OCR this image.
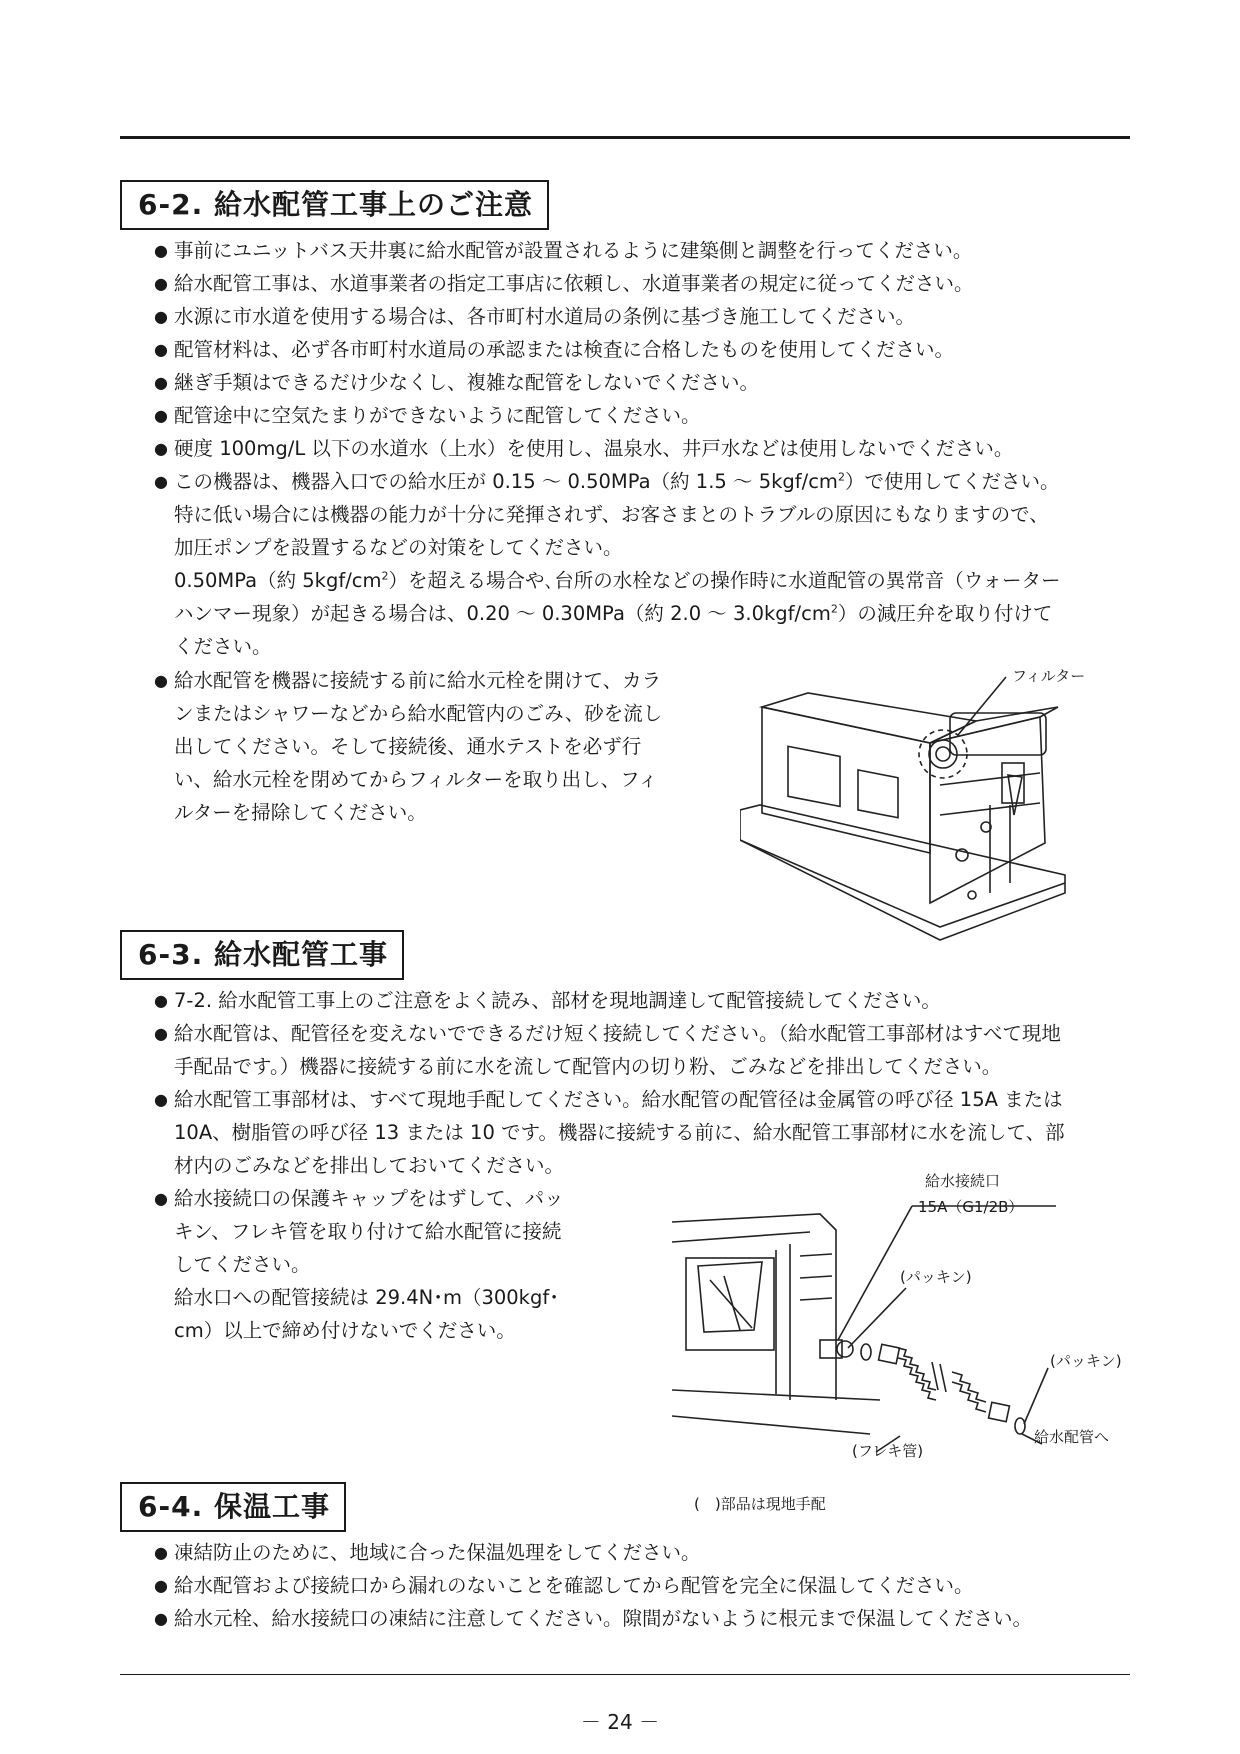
6-2. 給水配管工事上のご注意
● 事前にユニットバス天井裏に給水配管が設置されるように建築側と調整を行ってください。
● 給水配管工事は、水道事業者の指定工事店に依頼し、水道事業者の規定に従ってください。
● 水源に市水道を使用する場合は、各市町村水道局の条例に基づき施工してください。
● 配管材料は、必ず各市町村水道局の承認または検査に合格したものを使用してください。
● 継ぎ手類はできるだけ少なくし、複雑な配管をしないでください。
● 配管途中に空気たまりができないように配管してください。
● 硬度 100mg/L 以下の水道水（上水）を使用し、温泉水、井戸水などは使用しないでください。
● この機器は、機器入口での給水圧が 0.15 ～ 0.50MPa（約 1.5 ～ $5kgf/cm^2$）で使用してください。
特に低い場合には機器の能力が十分に発揮されず、お客さまとのトラブルの原因にもなりますので、
加圧ポンプを設置するなどの対策をしてください。
0.50MPa（約 $5kgf/cm^2$）を超える場合や､台所の水栓などの操作時に水道配管の異常音（ウォーター
ハンマー現象）が起きる場合は、0.20 ～ 0.30MPa（約 2.0 ～ $3.0kgf/cm^2$）の減圧弁を取り付けて
ください。
● 給水配管を機器に接続する前に給水元栓を開けて、カラ
ンまたはシャワーなどから給水配管内のごみ、砂を流し
出してください。そして接続後、通水テストを必ず行
い、給水元栓を閉めてからフィルターを取り出し、フィ
ルターを掃除してください。
フィルター
6-3. 給水配管工事
● 7-2. 給水配管工事上のご注意をよく読み、部材を現地調達して配管接続してください。
● 給水配管は、配管径を変えないでできるだけ短く接続してください。（給水配管工事部材はすべて現地
手配品です。）機器に接続する前に水を流して配管内の切り粉、ごみなどを排出してください。
● 給水配管工事部材は、すべて現地手配してください。給水配管の配管径は金属管の呼び径 15A または
10A、樹脂管の呼び径 13 または 10 です。機器に接続する前に、給水配管工事部材に水を流して、部
材内のごみなどを排出しておいてください。
● 給水接続口の保護キャップをはずして、パッ
キン、フレキ管を取り付けて給水配管に接続
してください。
給水口への配管接続は 29.4N･m（300kgf･
cm）以上で締め付けないでください。
給水接続口
15A（G1/2B）
(パッキン)
(パッキン)
給水配管へ
(フレキ管)
(　)部品は現地手配
6-4. 保温工事
● 凍結防止のために、地域に合った保温処理をしてください。
● 給水配管および接続口から漏れのないことを確認してから配管を完全に保温してください。
● 給水元栓、給水接続口の凍結に注意してください。隙間がないように根元まで保温してください。
－ 24 －
